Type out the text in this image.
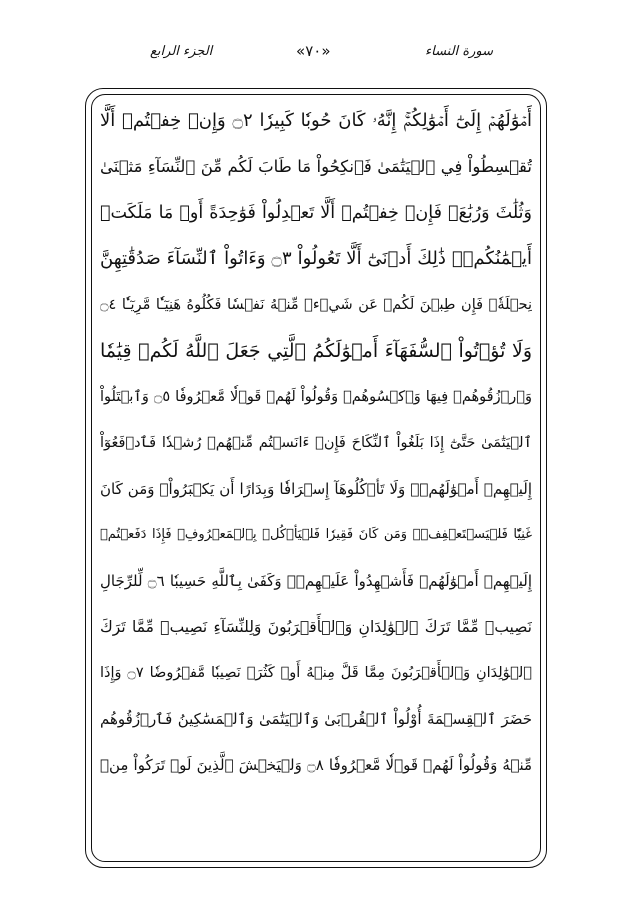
الجزء الرابع	«٧٠»	سورة النساء
أَمۡوَٰلَهُمۡ إِلَىٰٓ أَمۡوَٰلِكُمۡۚ إِنَّهُۥ كَانَ حُوبٗا كَبِيرٗا ۝٢ وَإِنۡ خِفۡتُمۡ أَلَّا
تُقۡسِطُواْ فِي ٱلۡيَتَٰمَىٰ فَٱنكِحُواْ مَا طَابَ لَكُم مِّنَ ٱلنِّسَآءِ مَثۡنَىٰ
وَثُلَٰثَ وَرُبَٰعَۖ فَإِنۡ خِفۡتُمۡ أَلَّا تَعۡدِلُواْ فَوَٰحِدَةً أَوۡ مَا مَلَكَتۡ
أَيۡمَٰنُكُمۡۚ ذَٰلِكَ أَدۡنَىٰٓ أَلَّا تَعُولُواْ ۝٣ وَءَاتُواْ ٱلنِّسَآءَ صَدُقَٰتِهِنَّ
نِحۡلَةٗۚ فَإِن طِبۡنَ لَكُمۡ عَن شَيۡءٖ مِّنۡهُ نَفۡسٗا فَكُلُوهُ هَنِيٓـٔٗا مَّرِيٓـٔٗا ۝٤
وَلَا تُؤۡتُواْ ٱلسُّفَهَآءَ أَمۡوَٰلَكُمُ ٱلَّتِي جَعَلَ ٱللَّهُ لَكُمۡ قِيَٰمٗا
وَٱرۡزُقُوهُمۡ فِيهَا وَٱكۡسُوهُمۡ وَقُولُواْ لَهُمۡ قَوۡلٗا مَّعۡرُوفٗا ۝٥ وَٱبۡتَلُواْ
ٱلۡيَتَٰمَىٰ حَتَّىٰٓ إِذَا بَلَغُواْ ٱلنِّكَاحَ فَإِنۡ ءَانَسۡتُم مِّنۡهُمۡ رُشۡدٗا فَٱدۡفَعُوٓاْ
إِلَيۡهِمۡ أَمۡوَٰلَهُمۡۖ وَلَا تَأۡكُلُوهَآ إِسۡرَافٗا وَبِدَارًا أَن يَكۡبَرُواْۚ وَمَن كَانَ
غَنِيّٗا فَلۡيَسۡتَعۡفِفۡۖ وَمَن كَانَ فَقِيرٗا فَلۡيَأۡكُلۡ بِٱلۡمَعۡرُوفِۚ فَإِذَا دَفَعۡتُمۡ
إِلَيۡهِمۡ أَمۡوَٰلَهُمۡ فَأَشۡهِدُواْ عَلَيۡهِمۡۚ وَكَفَىٰ بِٱللَّهِ حَسِيبٗا ۝٦ لِّلرِّجَالِ
نَصِيبٞ مِّمَّا تَرَكَ ٱلۡوَٰلِدَانِ وَٱلۡأَقۡرَبُونَ وَلِلنِّسَآءِ نَصِيبٞ مِّمَّا تَرَكَ
ٱلۡوَٰلِدَانِ وَٱلۡأَقۡرَبُونَ مِمَّا قَلَّ مِنۡهُ أَوۡ كَثُرَۚ نَصِيبٗا مَّفۡرُوضٗا ۝٧ وَإِذَا
حَضَرَ ٱلۡقِسۡمَةَ أُوْلُواْ ٱلۡقُرۡبَىٰ وَٱلۡيَتَٰمَىٰ وَٱلۡمَسَٰكِينُ فَٱرۡزُقُوهُم
مِّنۡهُ وَقُولُواْ لَهُمۡ قَوۡلٗا مَّعۡرُوفٗا ۝٨ وَلۡيَخۡشَ ٱلَّذِينَ لَوۡ تَرَكُواْ مِنۡ
